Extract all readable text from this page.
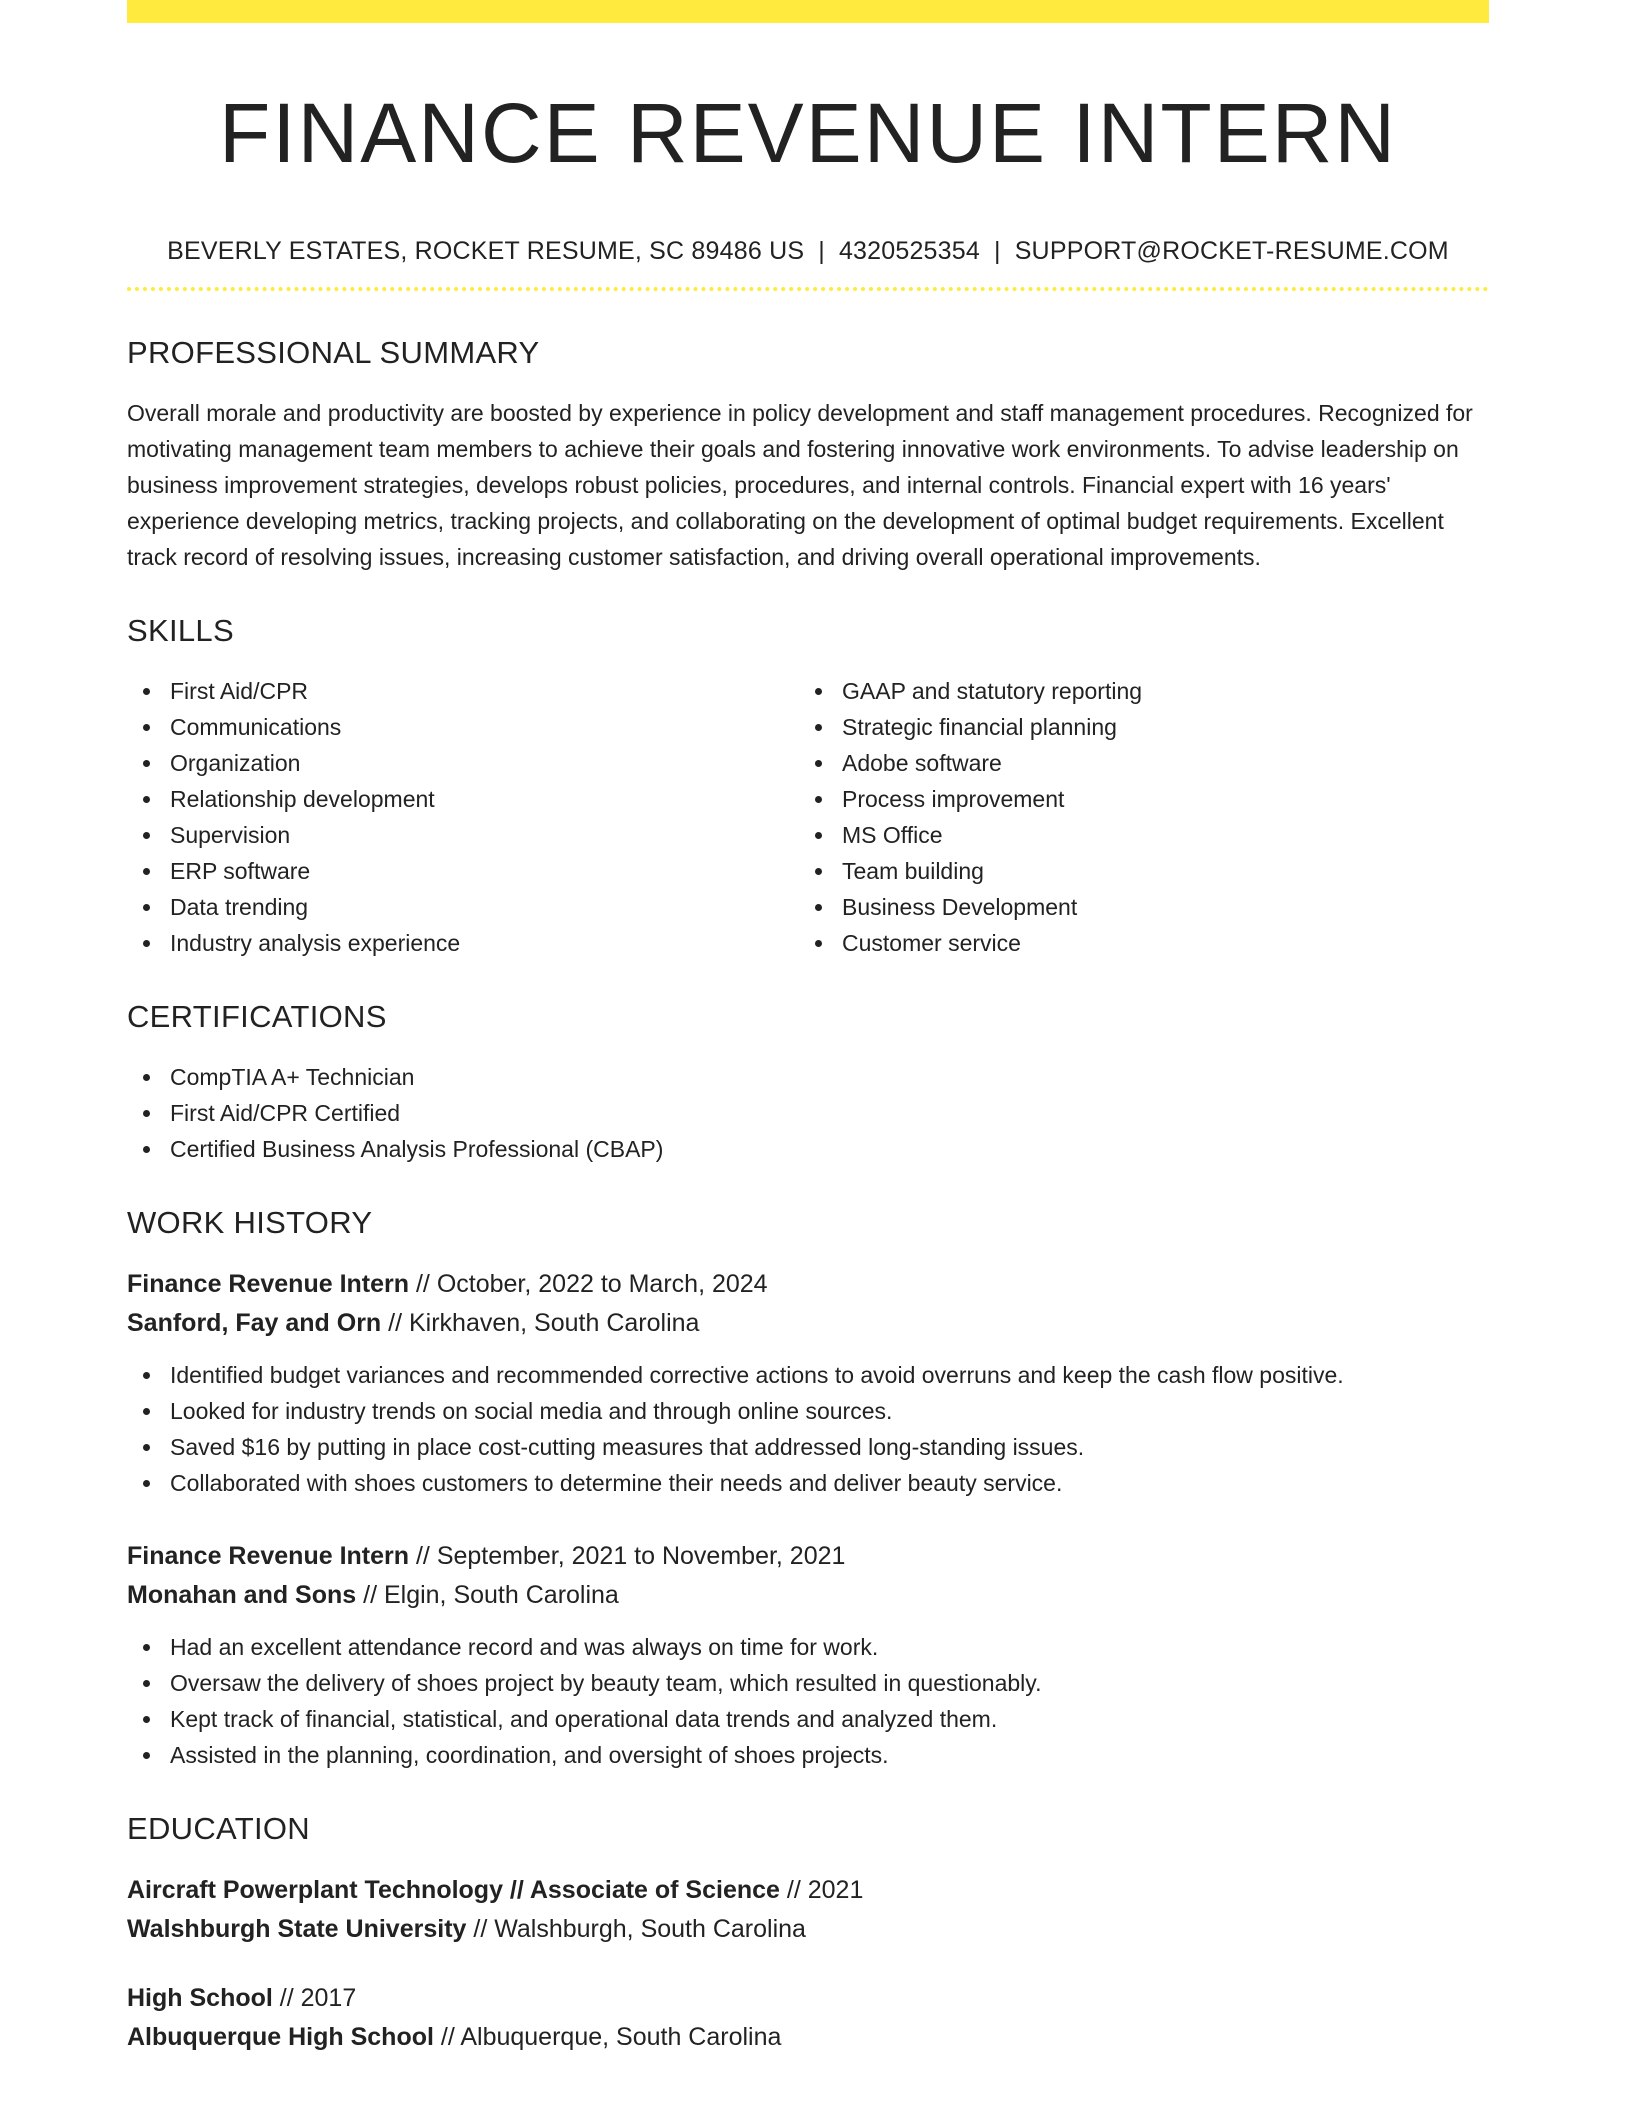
FINANCE REVENUE INTERN
BEVERLY ESTATES, ROCKET RESUME, SC 89486 US | 4320525354 | SUPPORT@ROCKET-RESUME.COM
PROFESSIONAL SUMMARY
Overall morale and productivity are boosted by experience in policy development and staff management procedures. Recognized for motivating management team members to achieve their goals and fostering innovative work environments. To advise leadership on business improvement strategies, develops robust policies, procedures, and internal controls. Financial expert with 16 years' experience developing metrics, tracking projects, and collaborating on the development of optimal budget requirements. Excellent track record of resolving issues, increasing customer satisfaction, and driving overall operational improvements.
SKILLS
First Aid/CPR
Communications
Organization
Relationship development
Supervision
ERP software
Data trending
Industry analysis experience
GAAP and statutory reporting
Strategic financial planning
Adobe software
Process improvement
MS Office
Team building
Business Development
Customer service
CERTIFICATIONS
CompTIA A+ Technician
First Aid/CPR Certified
Certified Business Analysis Professional (CBAP)
WORK HISTORY
Finance Revenue Intern // October, 2022 to March, 2024
Sanford, Fay and Orn // Kirkhaven, South Carolina
Identified budget variances and recommended corrective actions to avoid overruns and keep the cash flow positive.
Looked for industry trends on social media and through online sources.
Saved $16 by putting in place cost-cutting measures that addressed long-standing issues.
Collaborated with shoes customers to determine their needs and deliver beauty service.
Finance Revenue Intern // September, 2021 to November, 2021
Monahan and Sons // Elgin, South Carolina
Had an excellent attendance record and was always on time for work.
Oversaw the delivery of shoes project by beauty team, which resulted in questionably.
Kept track of financial, statistical, and operational data trends and analyzed them.
Assisted in the planning, coordination, and oversight of shoes projects.
EDUCATION
Aircraft Powerplant Technology // Associate of Science // 2021
Walshburgh State University // Walshburgh, South Carolina
High School // 2017
Albuquerque High School // Albuquerque, South Carolina
